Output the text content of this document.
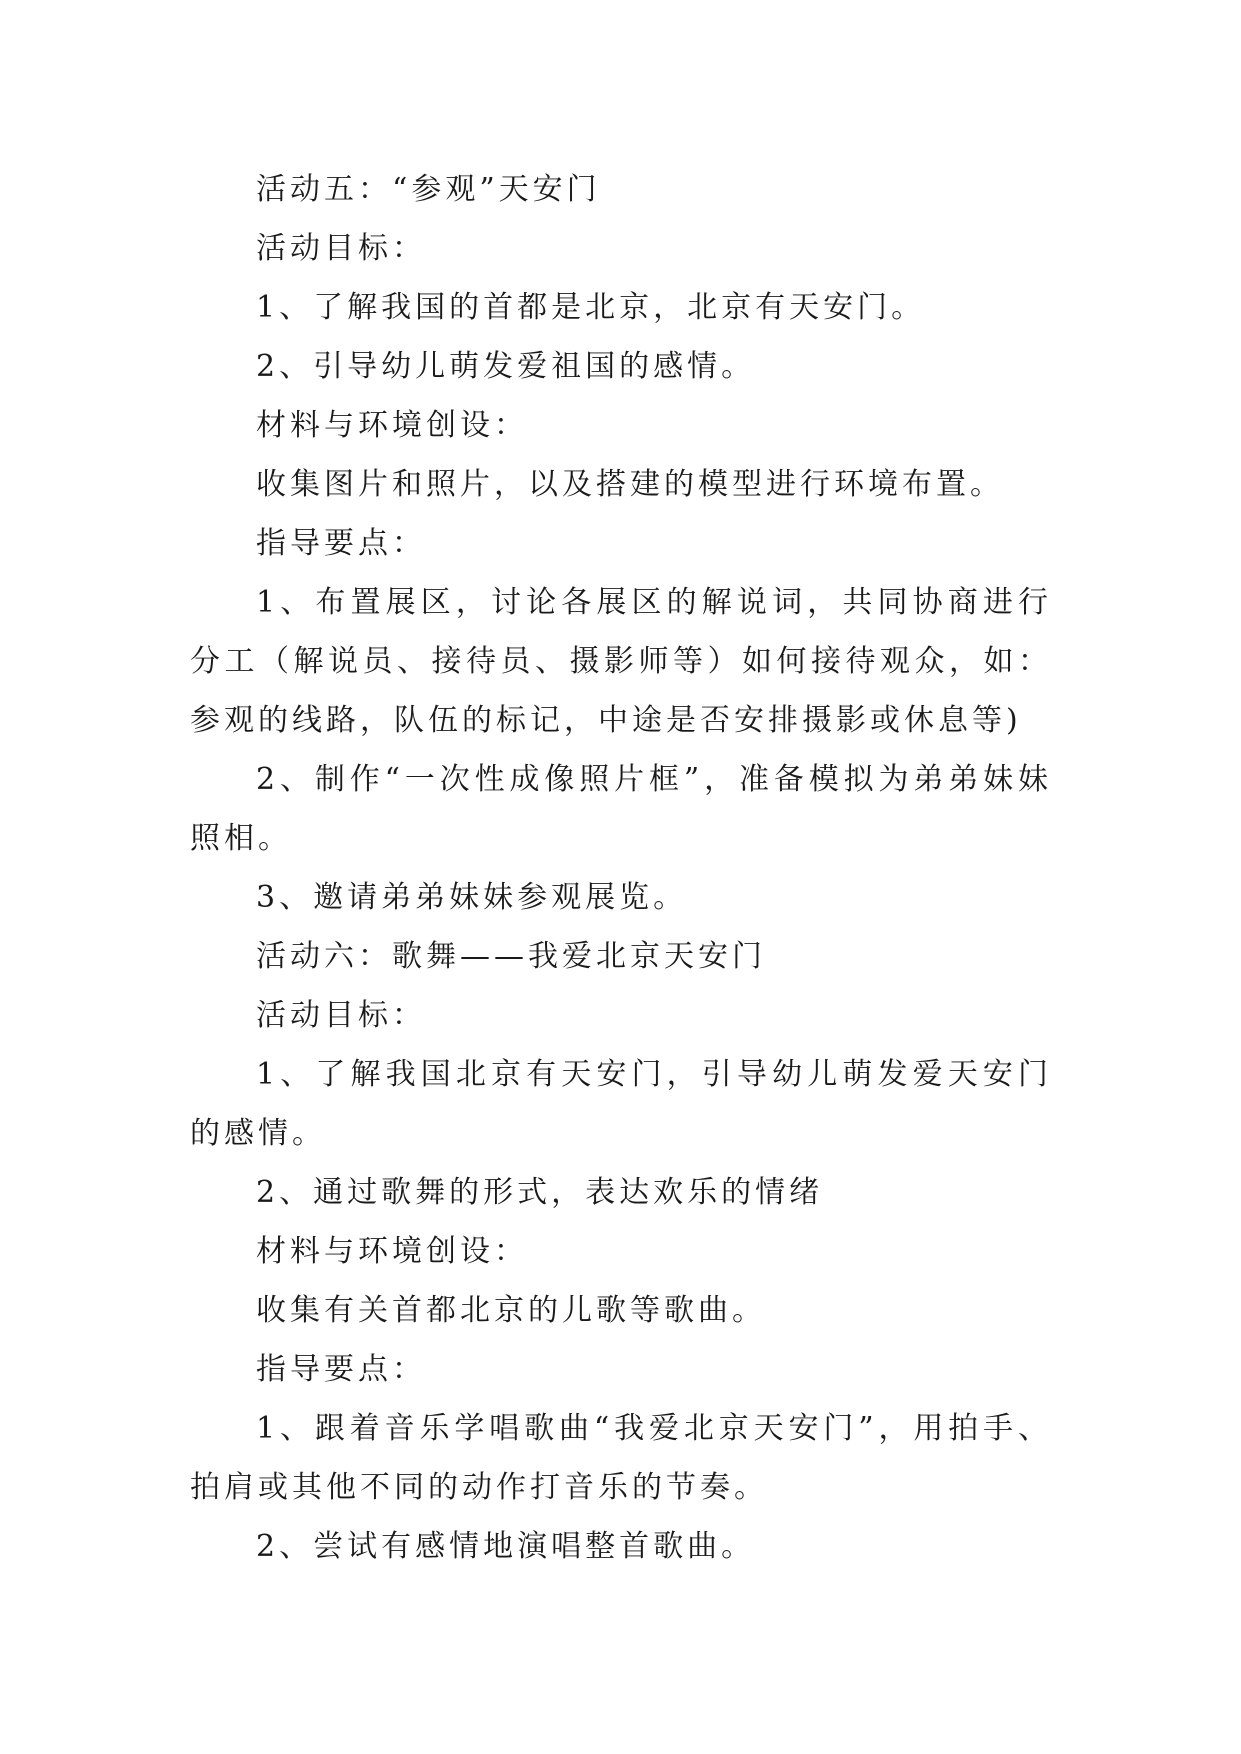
活动五：“参观”天安门

活动目标：

1、了解我国的首都是北京，北京有天安门。

2、引导幼儿萌发爱祖国的感情。

材料与环境创设：

收集图片和照片，以及搭建的模型进行环境布置。

指导要点：

1、布置展区，讨论各展区的解说词，共同协商进行分工（解说员、接待员、摄影师等）如何接待观众，如：参观的线路，队伍的标记，中途是否安排摄影或休息等)

2、制作“一次性成像照片框”，准备模拟为弟弟妹妹照相。

3、邀请弟弟妹妹参观展览。

活动六：歌舞——我爱北京天安门

活动目标：

1、了解我国北京有天安门，引导幼儿萌发爱天安门的感情。

2、通过歌舞的形式，表达欢乐的情绪

材料与环境创设：

收集有关首都北京的儿歌等歌曲。

指导要点：

1、跟着音乐学唱歌曲“我爱北京天安门”，用拍手、拍肩或其他不同的动作打音乐的节奏。

2、尝试有感情地演唱整首歌曲。
